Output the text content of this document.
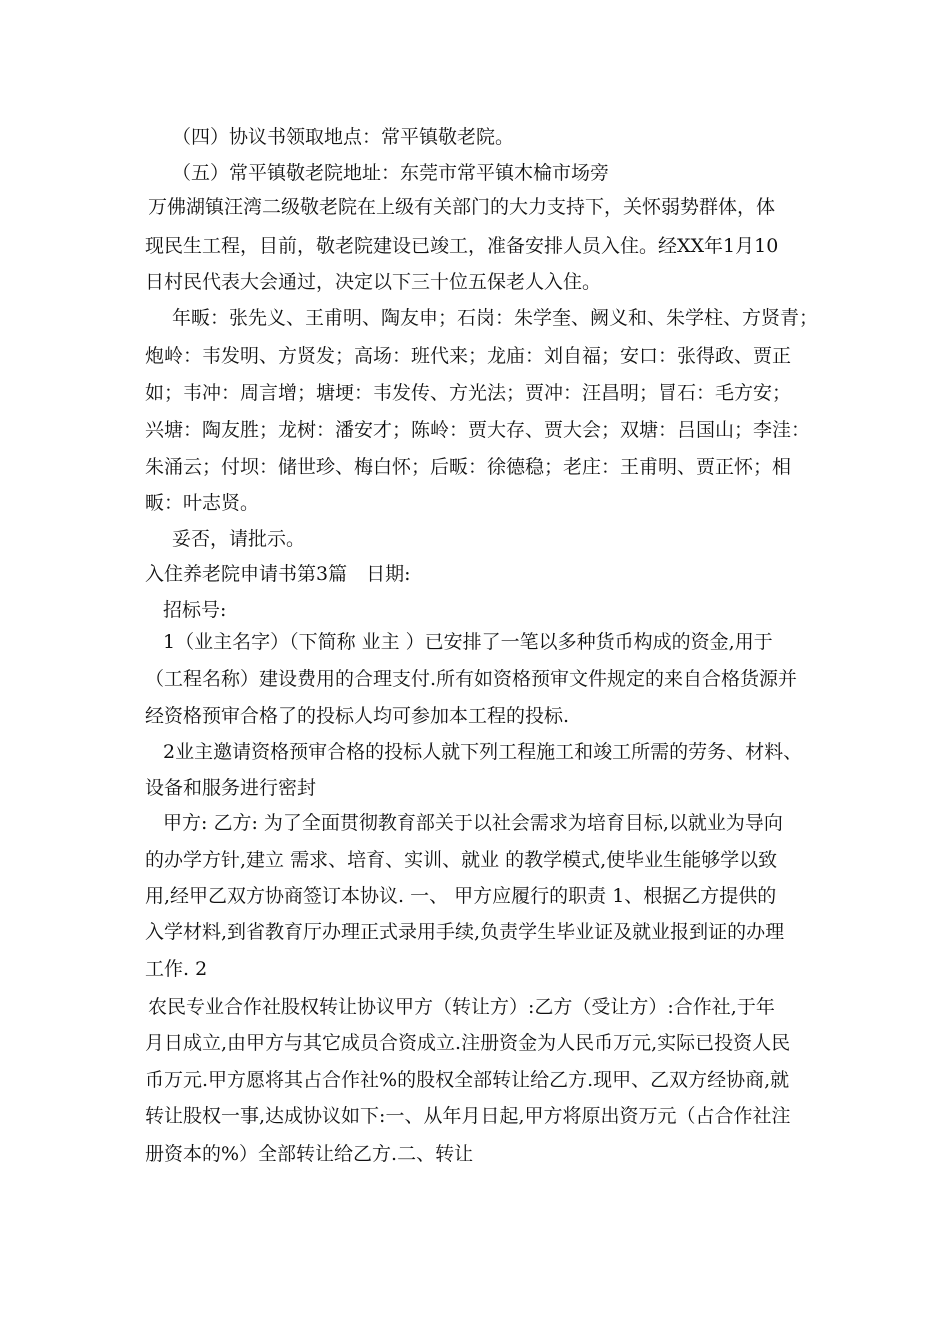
（四）协议书领取地点：常平镇敬老院。
（五）常平镇敬老院地址：东莞市常平镇木棆市场旁
万佛湖镇汪湾二级敬老院在上级有关部门的大力支持下，关怀弱势群体，体
现民生工程，目前，敬老院建设已竣工，准备安排人员入住。经XX年1月10
日村民代表大会通过，决定以下三十位五保老人入住。
年畈：张先义、王甫明、陶友申；石岗：朱学奎、阙义和、朱学柱、方贤青；
炮岭：韦发明、方贤发；高场：班代来；龙庙：刘自福；安口：张得政、贾正
如；韦冲：周言增；塘埂：韦发传、方光法；贾冲：汪昌明；冒石：毛方安；
兴塘：陶友胜；龙树：潘安才；陈岭：贾大存、贾大会；双塘：吕国山；李洼：
朱涌云；付坝：储世珍、梅白怀；后畈：徐德稳；老庄：王甫明、贾正怀；相
畈：叶志贤。
妥否，请批示。
入住养老院申请书第3篇　日期:
招标号:
1（业主名字）（下简称 业主 ）已安排了一笔以多种货币构成的资金,用于
（工程名称）建设费用的合理支付.所有如资格预审文件规定的来自合格货源并
经资格预审合格了的投标人均可参加本工程的投标.
2业主邀请资格预审合格的投标人就下列工程施工和竣工所需的劳务、材料、
设备和服务进行密封
甲方: 乙方: 为了全面贯彻教育部关于以社会需求为培育目标,以就业为导向
的办学方针,建立 需求、培育、实训、就业 的教学模式,使毕业生能够学以致
用,经甲乙双方协商签订本协议. 一、 甲方应履行的职责 1、根据乙方提供的
入学材料,到省教育厅办理正式录用手续,负责学生毕业证及就业报到证的办理
工作. 2
农民专业合作社股权转让协议甲方（转让方）:乙方（受让方）:合作社,于年
月日成立,由甲方与其它成员合资成立.注册资金为人民币万元,实际已投资人民
币万元.甲方愿将其占合作社%的股权全部转让给乙方.现甲、乙双方经协商,就
转让股权一事,达成协议如下:一、从年月日起,甲方将原出资万元（占合作社注
册资本的%）全部转让给乙方.二、转让
